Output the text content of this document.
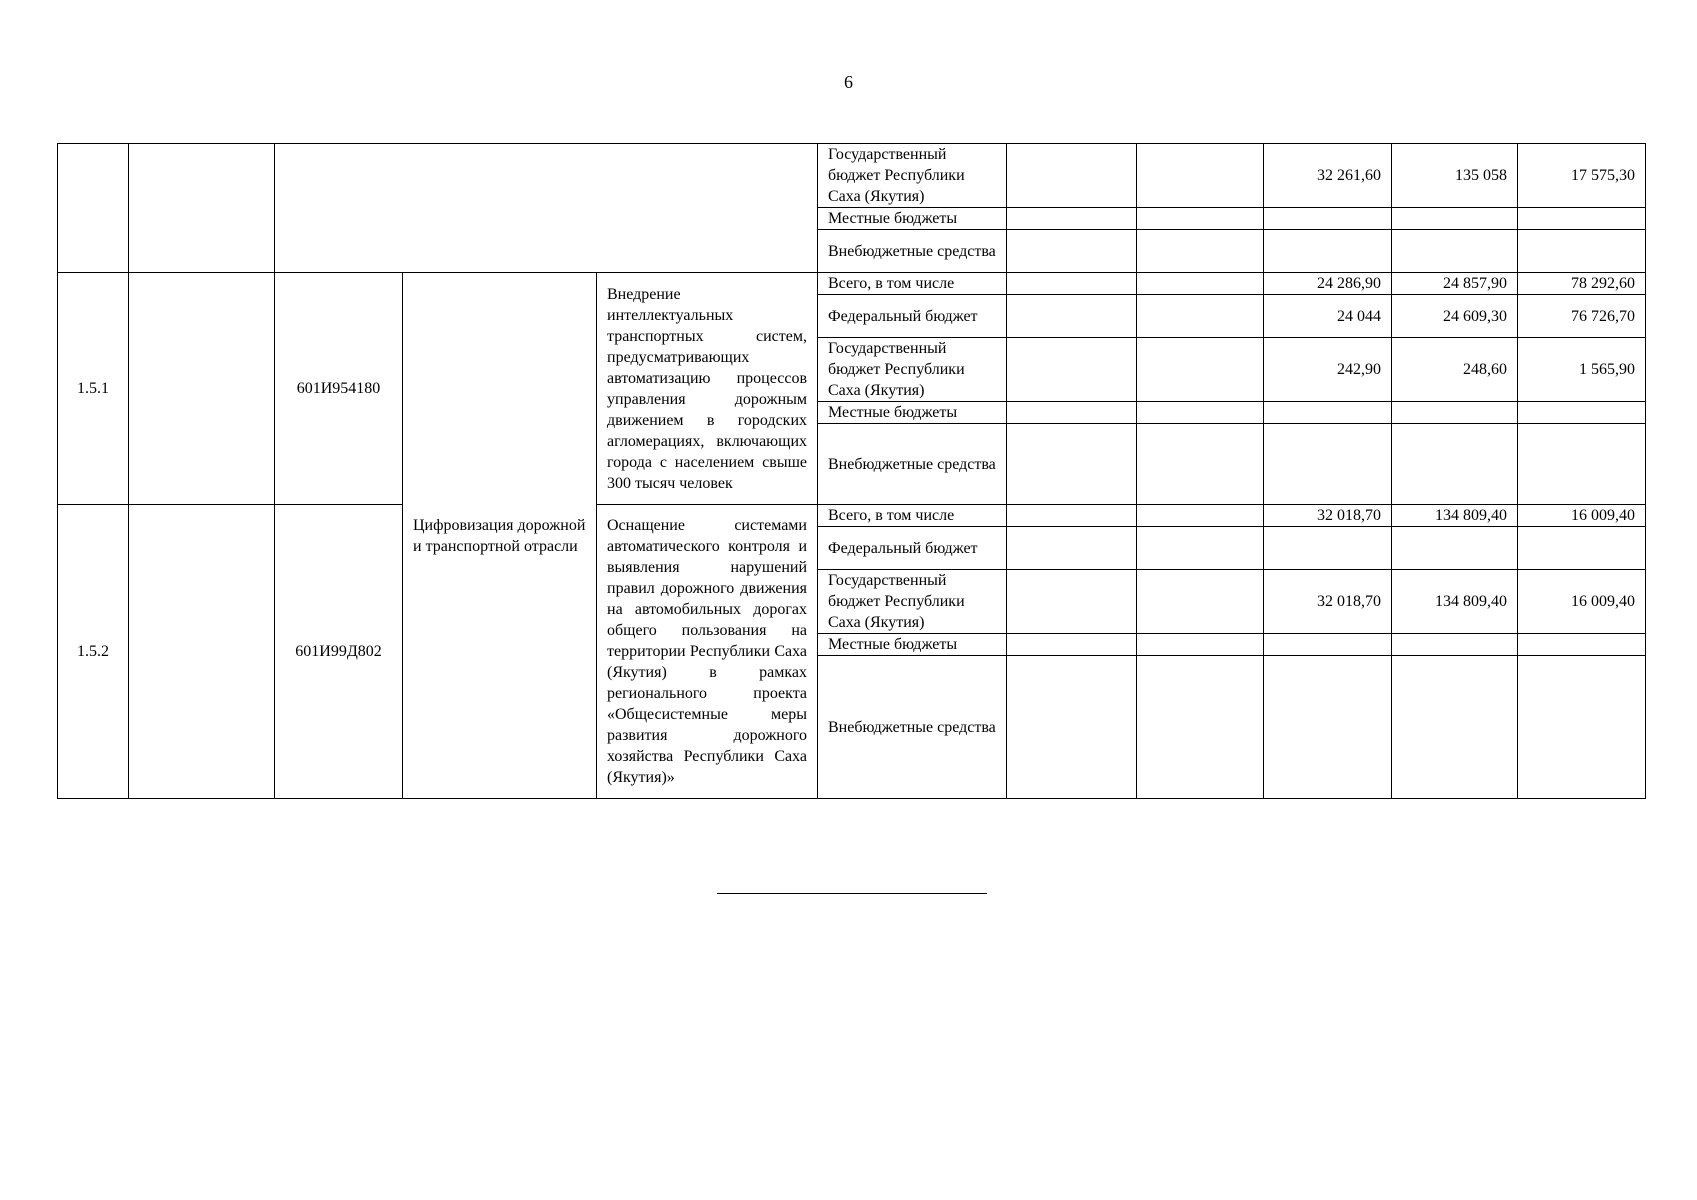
6
					Государственный бюджет Республики Саха (Якутия)			32 261,60	135 058	17 575,30
					Местные бюджеты					
					Внебюджетные средства					
1.5.1		601И954180	Цифровизация дорожной и транспортной отрасли	Внедрение интеллектуальных транспортных систем, предусматривающих автоматизацию процессов управления дорожным движением в городских агломерациях, включающих города с населением свыше 300 тысяч человек	Всего, в том числе			24 286,90	24 857,90	78 292,60
					Федеральный бюджет			24 044	24 609,30	76 726,70
					Государственный бюджет Республики Саха (Якутия)			242,90	248,60	1 565,90
					Местные бюджеты					
					Внебюджетные средства					
1.5.2		601И99Д802		Оснащение системами автоматического контроля и выявления нарушений правил дорожного движения на автомобильных дорогах общего пользования на территории Республики Саха (Якутия) в рамках регионального проекта «Общесистемные меры развития дорожного хозяйства Республики Саха (Якутия)»	Всего, в том числе			32 018,70	134 809,40	16 009,40
					Федеральный бюджет					
					Государственный бюджет Республики Саха (Якутия)			32 018,70	134 809,40	16 009,40
					Местные бюджеты					
					Внебюджетные средства					
